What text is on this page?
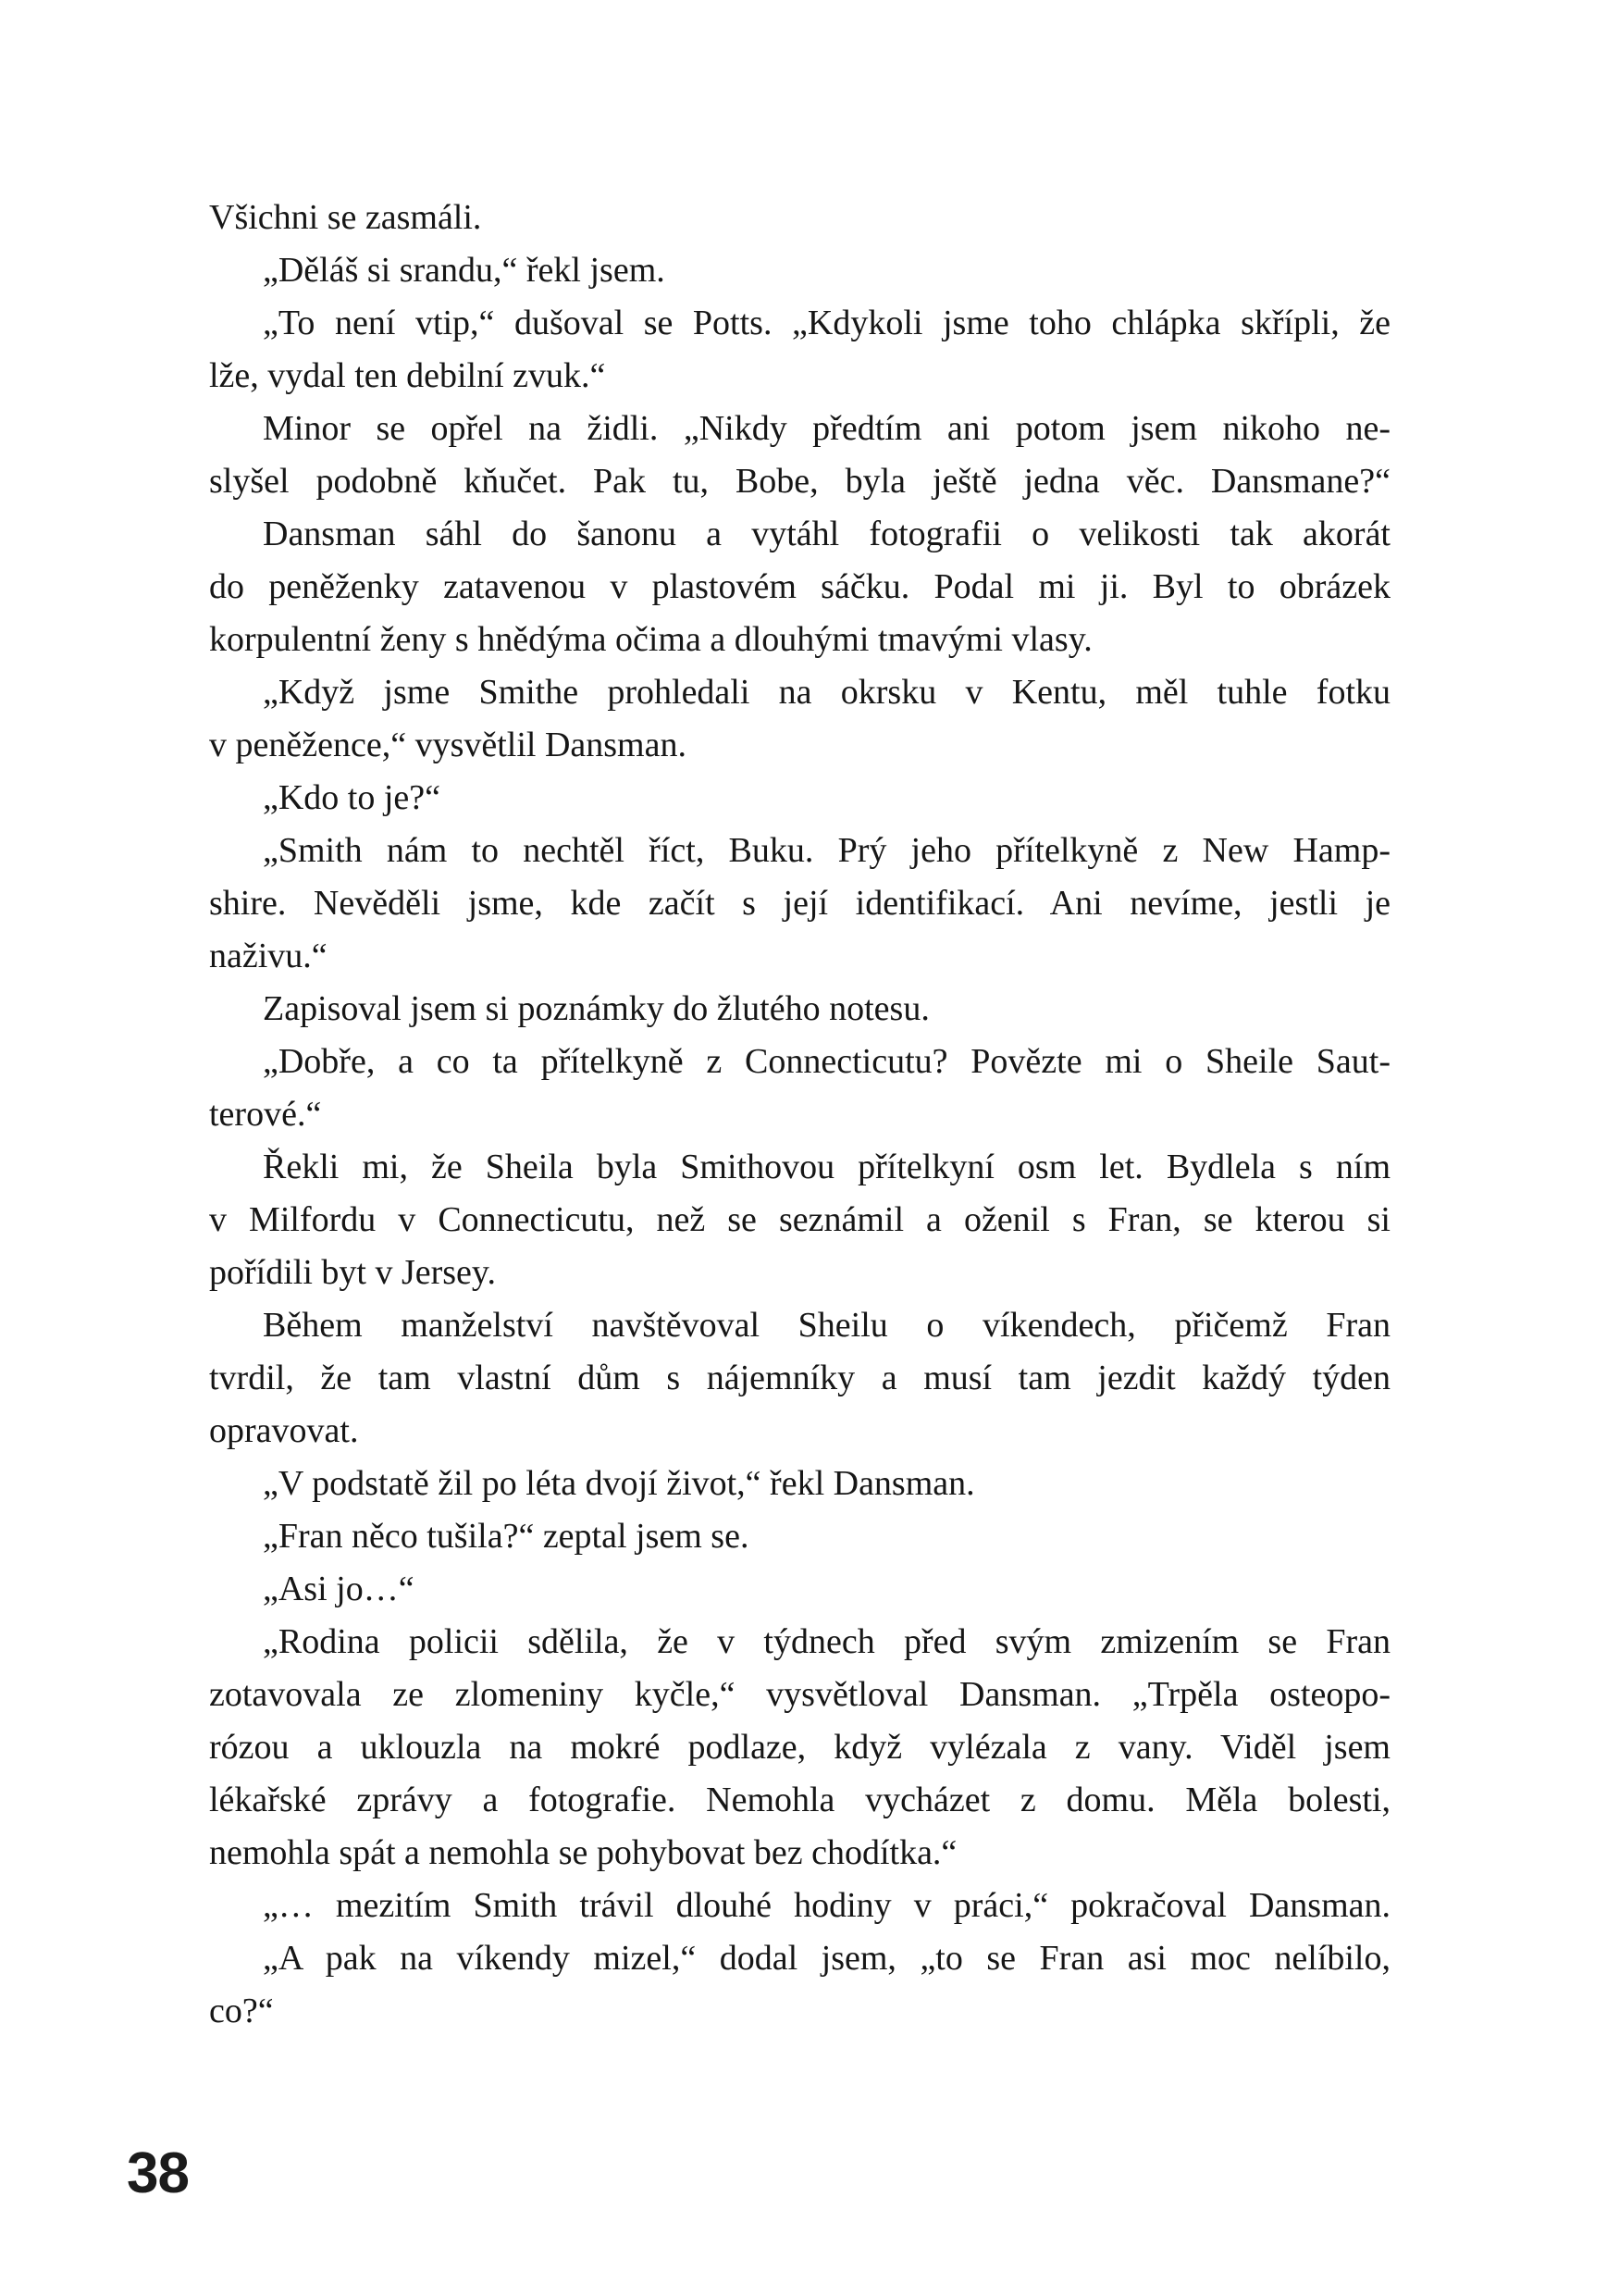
Všichni se zasmáli.
„Děláš si srandu,“ řekl jsem.
„To není vtip,“ dušoval se Potts. „Kdykoli jsme toho chlápka skřípli, že
lže, vydal ten debilní zvuk.“
Minor se opřel na židli. „Nikdy předtím ani potom jsem nikoho ne-
slyšel podobně kňučet. Pak tu, Bobe, byla ještě jedna věc. Dansmane?“
Dansman sáhl do šanonu a vytáhl fotografii o velikosti tak akorát
do peněženky zatavenou v plastovém sáčku. Podal mi ji. Byl to obrázek
korpulentní ženy s hnědýma očima a dlouhými tmavými vlasy.
„Když jsme Smithe prohledali na okrsku v Kentu, měl tuhle fotku
v peněžence,“ vysvětlil Dansman.
„Kdo to je?“
„Smith nám to nechtěl říct, Buku. Prý jeho přítelkyně z New Hamp-
shire. Nevěděli jsme, kde začít s její identifikací. Ani nevíme, jestli je
naživu.“
Zapisoval jsem si poznámky do žlutého notesu.
„Dobře, a co ta přítelkyně z Connecticutu? Povězte mi o Sheile Saut-
terové.“
Řekli mi, že Sheila byla Smithovou přítelkyní osm let. Bydlela s ním
v Milfordu v Connecticutu, než se seznámil a oženil s Fran, se kterou si
pořídili byt v Jersey.
Během manželství navštěvoval Sheilu o víkendech, přičemž Fran
tvrdil, že tam vlastní dům s nájemníky a musí tam jezdit každý týden
opravovat.
„V podstatě žil po léta dvojí život,“ řekl Dansman.
„Fran něco tušila?“ zeptal jsem se.
„Asi jo…“
„Rodina policii sdělila, že v týdnech před svým zmizením se Fran
zotavovala ze zlomeniny kyčle,“ vysvětloval Dansman. „Trpěla osteopo-
rózou a uklouzla na mokré podlaze, když vylézala z vany. Viděl jsem
lékařské zprávy a fotografie. Nemohla vycházet z domu. Měla bolesti,
nemohla spát a nemohla se pohybovat bez chodítka.“
„… mezitím Smith trávil dlouhé hodiny v práci,“ pokračoval Dansman.
„A pak na víkendy mizel,“ dodal jsem, „to se Fran asi moc nelíbilo,
co?“
38
